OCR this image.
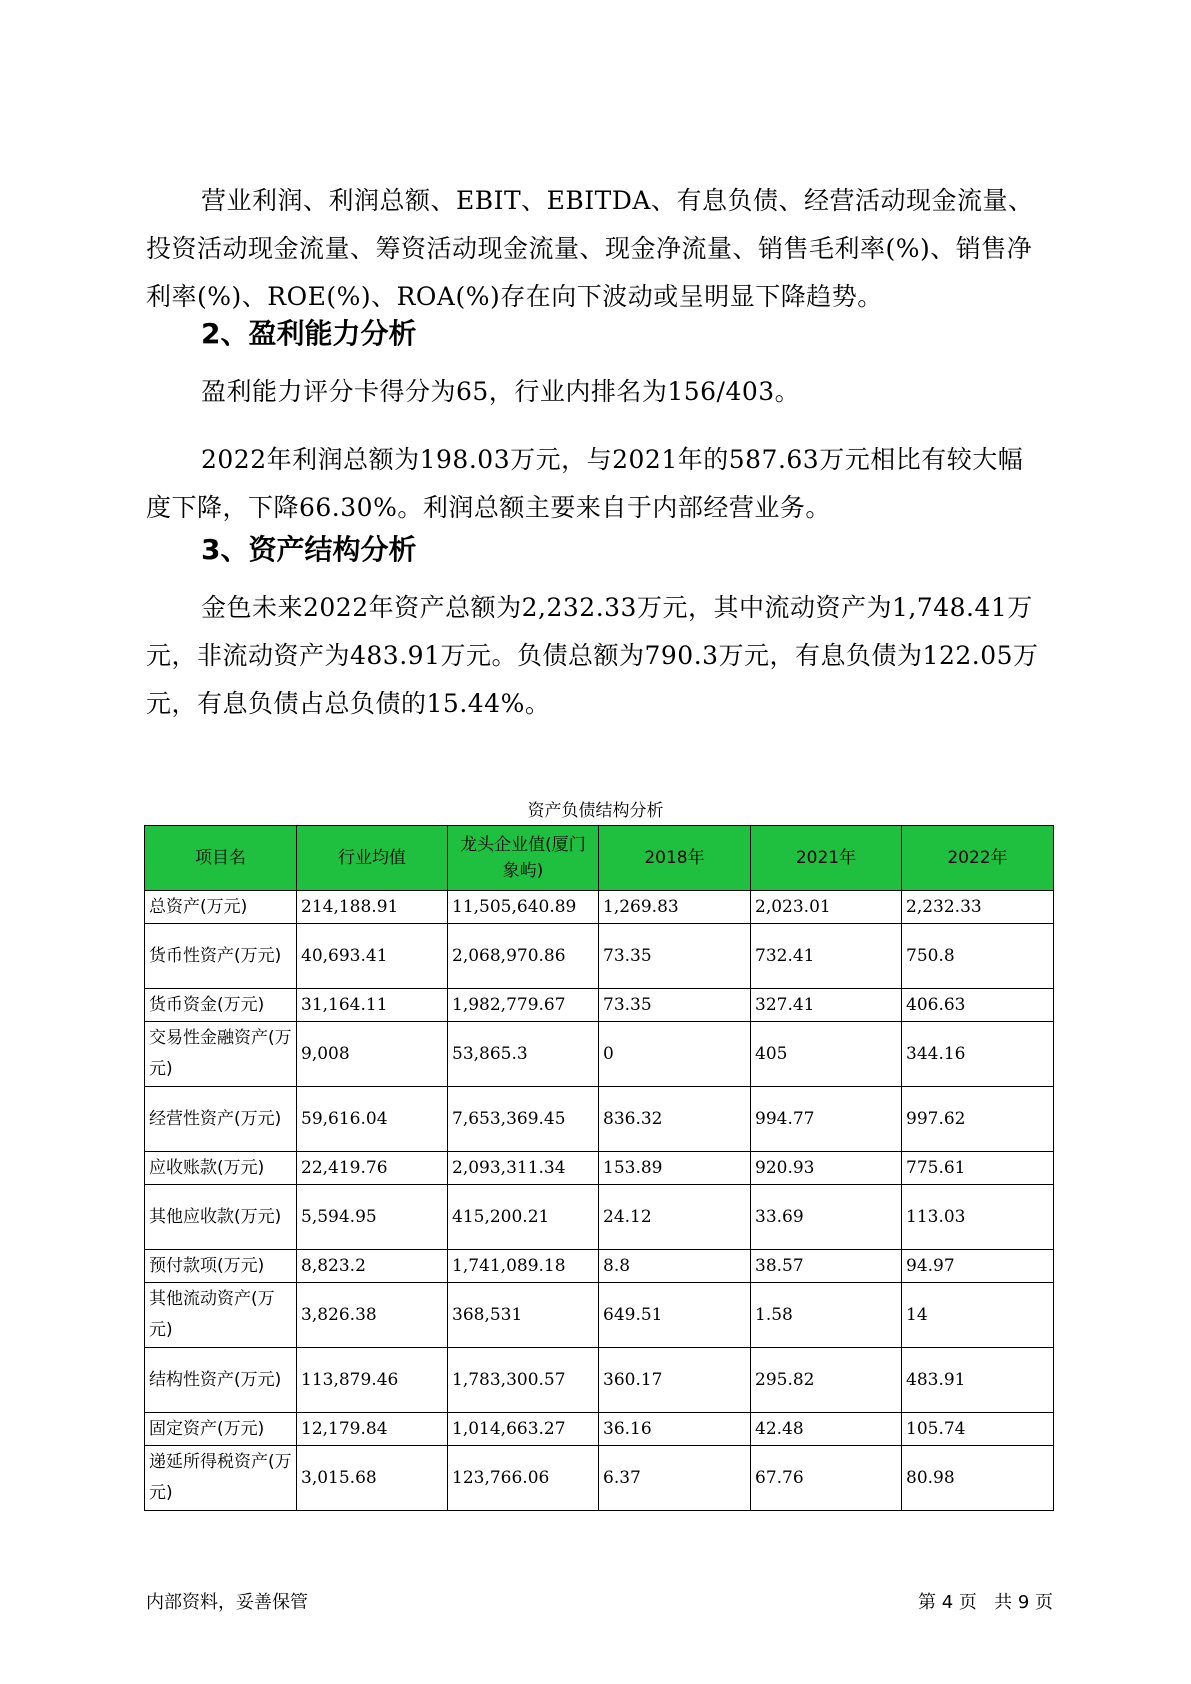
营业利润、利润总额、EBIT、EBITDA、有息负债、经营活动现金流量、投资活动现金流量、筹资活动现金流量、现金净流量、销售毛利率(%)、销售净利率(%)、ROE(%)、ROA(%)存在向下波动或呈明显下降趋势。

2、盈利能力分析

盈利能力评分卡得分为65，行业内排名为156/403。

2022年利润总额为198.03万元，与2021年的587.63万元相比有较大幅度下降，下降66.30%。利润总额主要来自于内部经营业务。

3、资产结构分析

金色未来2022年资产总额为2,232.33万元，其中流动资产为1,748.41万元，非流动资产为483.91万元。负债总额为790.3万元，有息负债为122.05万元，有息负债占总负债的15.44%。

资产负债结构分析
项目名	行业均值	龙头企业值(厦门象屿)	2018年	2021年	2022年
总资产(万元)	214,188.91	11,505,640.89	1,269.83	2,023.01	2,232.33
货币性资产(万元)	40,693.41	2,068,970.86	73.35	732.41	750.8
货币资金(万元)	31,164.11	1,982,779.67	73.35	327.41	406.63
交易性金融资产(万元)	9,008	53,865.3	0	405	344.16
经营性资产(万元)	59,616.04	7,653,369.45	836.32	994.77	997.62
应收账款(万元)	22,419.76	2,093,311.34	153.89	920.93	775.61
其他应收款(万元)	5,594.95	415,200.21	24.12	33.69	113.03
预付款项(万元)	8,823.2	1,741,089.18	8.8	38.57	94.97
其他流动资产(万元)	3,826.38	368,531	649.51	1.58	14
结构性资产(万元)	113,879.46	1,783,300.57	360.17	295.82	483.91
固定资产(万元)	12,179.84	1,014,663.27	36.16	42.48	105.74
递延所得税资产(万元)	3,015.68	123,766.06	6.37	67.76	80.98
内部资料，妥善保管	第 4 页   共 9 页
